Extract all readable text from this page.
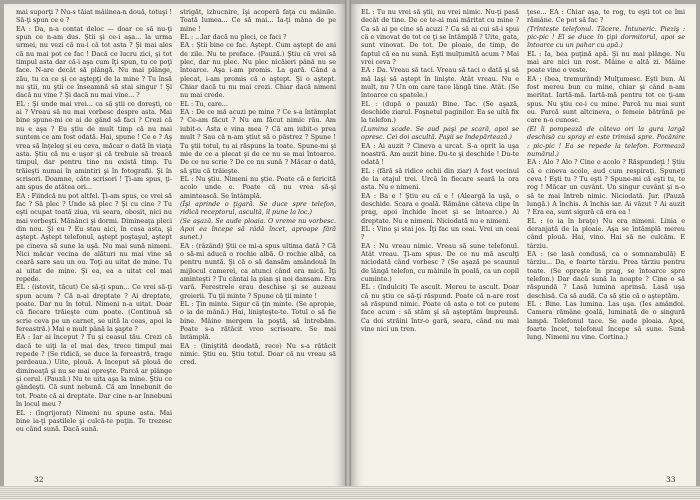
mai suporţi ? Nu-s tăiat mâiinea-n două, totuşi ! Să-ţi spun ce e ?

EA : Da, n-a contat deloc — doar ce să nu-ţi spun ce n-am dus. Ştii şi ce-i aşa... la urma urmei, nu vezi că nu-i câ tot asta ? Şi mai ales că nu mai pot ce fac ! Dacă ce lucru zici, şi tot timpul asta dar că-i aşa cum îţi spun, tu ce poţi face. N-are decât să plângă. Nu mai plânge, zău, tu ca ce şi ce aştepţi de la mine ? Tu însă nu ştii, nu ştii ce înseamnă să stai singur ! Şi dacă nu vine ? Şi dacă nu mai vine... ?

EL : Şi unde mai vrei... ca să ştii ce doreşti, ce ai ? Vreau să nu mai vorbesc despre asta. Mai bine spune-mi ce ai de gând să faci ? Crezi că nu e aşa ? Eu ştiu de mult timp că nu mai suntem ce am fost odată. Hai, spune ! Ce e ? Aş vrea să înţeleg şi eu ceva, măcar o dată în viaţa asta. Ştiu că nu e uşor şi că trebuie să treacă timpul, dar pentru tine nu există timp. Tu trăieşti numai în amintiri şi în fotografii. Şi în scrisori. Doamne, câte scrisori ! Ţi-am spus, ţi-am spus de atâtea ori...

EA : Fiindcă nu pot altfel. Ţi-am spus, ce vrei să fac ? Să plec ? Unde să plec ? Şi cu cine ? Tu eşti ocupat toată ziua, vii seara, obosit, nici nu mai vorbeşti. Mănânci şi dormi. Dimineaţa pleci din nou. Şi eu ? Eu stau aici, în casa asta, şi aştept. Aştept telefonul, aştept poştaşul, aştept pe cineva să sune la uşă. Nu mai sună nimeni. Nici măcar vecina de alături nu mai vine să ceară sare sau un ou. Toţi au uitat de mine. Tu ai uitat de mine. Şi ea, ea a uitat cel mai repede.

EL : (istovit, tăcut) Ce să-ţi spun... Ce vrei să-ţi spun acum ? Că n-ai dreptate ? Ai dreptate, poate. Dar nu în totul. Nimeni n-a uitat. Doar că fiecare trăieşte cum poate. (Continuă să scrie ceva pe un carnet, se uită la ceas, apoi la fereastră.) Mai e mult până la şapte ?

EA : Iar ai început ? Tu şi ceasul tău. Crezi că dacă te uiţi la el mai des, trece timpul mai repede ? (Se ridică, se duce la fereastră, trage perdeaua.) Uite, plouă. A început să plouă de dimineaţă şi nu se mai opreşte. Parcă ar plânge şi cerul. (Pauză.) Nu te uita aşa la mine. Ştiu ce gândeşti. Că sunt nebună. Că am înnebunit de tot. Poate că ai dreptate. Dar cine n-ar înnebuni în locul meu ?

EL : (îngrijorat) Nimeni nu spune asta. Mai bine ia-ţi pastilele şi culcă-te puţin. Te trezesc eu când sună. Dacă sună.

strigăt, izbucnire, îşi acoperă faţa cu mâinile. Toată lumea... Ce să mai... Ia-ţi mâna de pe mine !

EL : ...Iar dacă nu pleci, ce faci ?

EA : Ştii bine ce fac. Aştept. Cum aştept de ani de zile. Nu te preface. (Pauză.) Ştiu că vrei să plec, dar nu plec. Nu plec nicăieri până nu se întoarce. Aşa i-am promis. La gară. Când a plecat, i-am promis că o aştept. Şi o aştept. Chiar dacă tu nu mai crezi. Chiar dacă nimeni nu mai crede.

EL : Tu, care...

EA : De ce mă acuzi pe mine ? Ce s-a întâmplat ? Ce-am făcut ? Nu am făcut nimic rău. Am iubit-o. Asta e vina mea ? Că am iubit-o prea mult ? Sau că n-am ştiut să o păstrez ? Spune ! Tu ştii totul, tu ai răspuns la toate. Spune-mi şi mie de ce a plecat şi de ce nu se mai întoarce. De ce nu scrie ? De ce nu sună ? Măcar o dată, să ştiu că trăieşte.

EL : Nu ştiu. Nimeni nu ştie. Poate că e fericită acolo unde e. Poate că nu vrea să-şi amintească. Se întâmplă.

(Îşi aprinde o ţigară. Se duce spre telefon, ridică receptorul, ascultă, îl pune la loc.)

(Se aşază. Se aude ploaia. O vreme nu vorbesc. Apoi ea începe să râdă încet, aproape fără sunet.)

EA : (râzând) Ştii ce mi-a spus ultima dată ? Că o să-mi aducă o rochie albă. O rochie albă, ca pentru nuntă. Şi că o să dansăm amândouă în mijlocul camerei, ca atunci când era mică. Îţi aminteşti ? Tu cântai la pian şi noi dansam. Era vară. Ferestrele erau deschise şi se auzeau greierii. Tu ţii minte ? Spune că ţii minte !

EL : Ţin minte. Sigur că ţin minte. (Se apropie, o ia de mână.) Hai, linişteşte-te. Totul o să fie bine. Mâine mergem la poştă, să întrebăm. Poate s-a rătăcit vreo scrisoare. Se mai întâmplă.

EA : (liniştită deodată, rece) Nu s-a rătăcit nimic. Ştiu eu. Ştiu totul. Doar că nu vreau să cred.

32

EL : Tu nu vrei să ştii, nu vrei nimic. Nu-ţi pasă decât de tine. De ce te-ai mai măritat cu mine ? Ca să ai pe cine să acuzi ? Ca să ai cui să-i spui că e vinovat de tot ce ţi se întâmplă ? Uite, gata, sunt vinovat. De tot. De ploaie, de timp, de faptul că ea nu sună. Eşti mulţumită acum ? Mai vrei ceva ?

EA : Da. Vreau să taci. Vreau să taci o dată şi să mă laşi să aştept în linişte. Atât vreau. Nu e mult, nu ? Un om care tace lângă tine. Atât. (Se întoarce cu spatele.)

EL : (după o pauză) Bine. Tac. (Se aşază, deschide ziarul. Foşnetul paginilor. Ea se uită fix la telefon.)

(Lumina scade. Se aud paşi pe scară, apoi se opresc. Cei doi ascultă. Paşii se îndepărtează.)

EA : Ai auzit ? Cineva a urcat. S-a oprit la uşa noastră. Am auzit bine. Du-te şi deschide ! Du-te odată !

EL : (fără să ridice ochii din ziar) A fost vecinul de la etajul trei. Urcă în fiecare seară la ora asta. Nu e nimeni.

EA : Ba e ! Ştiu eu că e ! (Aleargă la uşă, o deschide. Scara e goală. Rămâne câteva clipe în prag, apoi închide încet şi se întoarce.) Ai dreptate. Nu e nimeni. Niciodată nu e nimeni.

EL : Vino şi stai jos. Îţi fac un ceai. Vrei un ceai ?

EA : Nu vreau nimic. Vreau să sune telefonul. Atât vreau. Ţi-am spus. De ce nu mă asculţi niciodată când vorbesc ? (Se aşază pe scaunul de lângă telefon, cu mâinile în poală, ca un copil cuminte.)

EL : (îndulcit) Te ascult. Mereu te ascult. Doar că nu ştiu ce să-ţi răspund. Poate că n-are rost să răspund nimic. Poate că asta e tot ce putem face acum : să stăm şi să aşteptăm împreună. Ca doi străini într-o gară, seara, când nu mai vine nici un tren.

ţese... EA : Chiar aşa, te rog, tu eşti tot ce îmi rămâne. Ce pot să fac ?

(Trîntește telefonul. Tăcere. Întuneric. Pieziş : pic-pic ! El se duce în ţipi dormitorul, apoi se întoarce cu un pahar cu apă.)

EL : Ia, bea puţină apă. Şi nu mai plânge. Nu mai are nici un rost. Mâine e altă zi. Mâine poate vine o veste.

EA : (bea, tremurând) Mulţumesc. Eşti bun. Ai fost mereu bun cu mine, chiar şi când n-am meritat. Iartă-mă. Iartă-mă pentru tot ce ţi-am spus. Nu ştiu ce-i cu mine. Parcă nu mai sunt eu. Parcă sunt altcineva, o femeie bătrână pe care n-o cunosc.

(El îi pompează de câteva ori la gura largă deschisă cu spray ei este trimisă spre. Pocănire : pic-pic ! Ea se repede la telefon. Formează numărul.)

EA : Alo ? Alo ? Cine e acolo ? Răspundeţi ! Ştiu că e cineva acolo, aud cum respiraţi. Spuneţi ceva ! Eşti tu ? Tu eşti ? Spune-mi că eşti tu, te rog ! Măcar un cuvânt. Un singur cuvânt şi n-o să te mai întreb nimic. Niciodată. Jur. (Pauză lungă.) A închis. A închis iar. Ai văzut ? Ai auzit ? Era ea, sunt sigură că era ea !

EL : (o ia în braţe) Nu era nimeni. Linia e deranjată de la ploaie. Aşa se întâmplă mereu când plouă. Hai, vino. Hai să ne culcăm. E târziu.

EA : (se lasă condusă, ca o somnambulă) E târziu... Da, e foarte târziu. Prea târziu pentru toate. (Se opreşte în prag, se întoarce spre telefon.) Dar dacă sună la noapte ? Cine o să răspundă ? Lasă lumina aprinsă. Lasă uşa deschisă. Ca să audă. Ca să ştie că o aşteptăm.

EL : Bine. Las lumina. Las uşa. (Ies amândoi. Camera rămâne goală, luminată de o singură lampă. Telefonul tace. Se aude ploaia. Apoi, foarte încet, telefonul începe să sune. Sună lung. Nimeni nu vine. Cortina.)

33
